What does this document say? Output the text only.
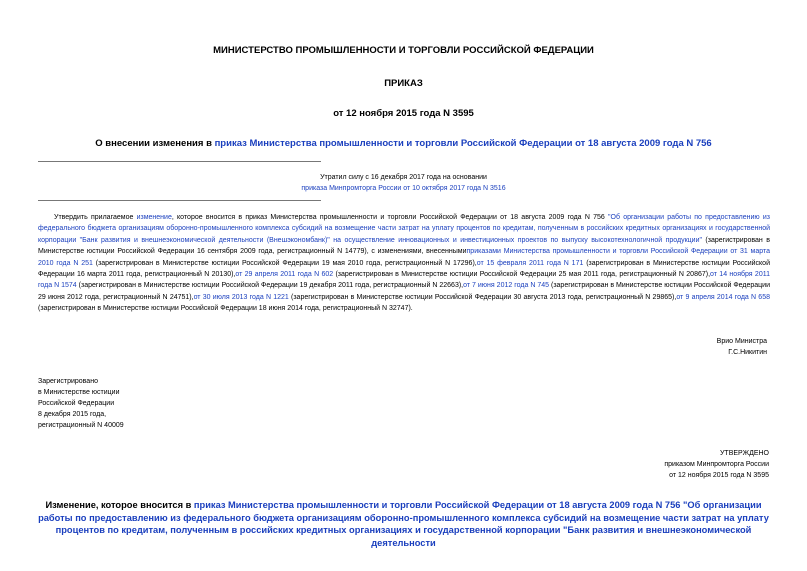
МИНИСТЕРСТВО ПРОМЫШЛЕННОСТИ И ТОРГОВЛИ РОССИЙСКОЙ ФЕДЕРАЦИИ
ПРИКАЗ
от 12 ноября 2015 года N 3595
О внесении изменения в приказ Министерства промышленности и торговли Российской Федерации от 18 августа 2009 года N 756
Утратил силу с 16 декабря 2017 года на основании
приказа Минпромторга России от 10 октября 2017 года N 3516
Утвердить прилагаемое изменение, которое вносится в приказ Министерства промышленности и торговли Российской Федерации от 18 августа 2009 года N 756 "Об организации работы по предоставлению из федерального бюджета организациям оборонно-промышленного комплекса субсидий на возмещение части затрат на уплату процентов по кредитам, полученным в российских кредитных организациях и государственной корпорации "Банк развития и внешнеэкономической деятельности (Внешэкономбанк)" на осуществление инновационных и инвестиционных проектов по выпуску высокотехнологичной продукции" (зарегистрирован в Министерстве юстиции Российской Федерации 16 сентября 2009 года, регистрационный N 14779), с изменениями, внесеннымиприказами Министерства промышленности и торговли Российской Федерации от 31 марта 2010 года N 251 (зарегистрирован в Министерстве юстиции Российской Федерации 19 мая 2010 года, регистрационный N 17296),от 15 февраля 2011 года N 171 (зарегистрирован в Министерстве юстиции Российской Федерации 16 марта 2011 года, регистрационный N 20130),от 29 апреля 2011 года N 602 (зарегистрирован в Министерстве юстиции Российской Федерации 25 мая 2011 года, регистрационный N 20867),от 14 ноября 2011 года N 1574 (зарегистрирован в Министерстве юстиции Российской Федерации 19 декабря 2011 года, регистрационный N 22663),от 7 июня 2012 года N 745 (зарегистрирован в Министерстве юстиции Российской Федерации 29 июня 2012 года, регистрационный N 24751),от 30 июля 2013 года N 1221 (зарегистрирован в Министерстве юстиции Российской Федерации 30 августа 2013 года, регистрационный N 29865),от 9 апреля 2014 года N 658 (зарегистрирован в Министерстве юстиции Российской Федерации 18 июня 2014 года, регистрационный N 32747).
Врио Министра
Г.С.Никитин
Зарегистрировано
в Министерстве юстиции
Российской Федерации
8 декабря 2015 года,
регистрационный N 40009
УТВЕРЖДЕНО
приказом Минпромторга России
от 12 ноября 2015 года N 3595
Изменение, которое вносится в приказ Министерства промышленности и торговли Российской Федерации от 18 августа 2009 года N 756 "Об организации работы по предоставлению из федерального бюджета организациям оборонно-промышленного комплекса субсидий на возмещение части затрат на уплату процентов по кредитам, полученным в российских кредитных организациях и государственной корпорации "Банк развития и внешнеэкономической деятельности
